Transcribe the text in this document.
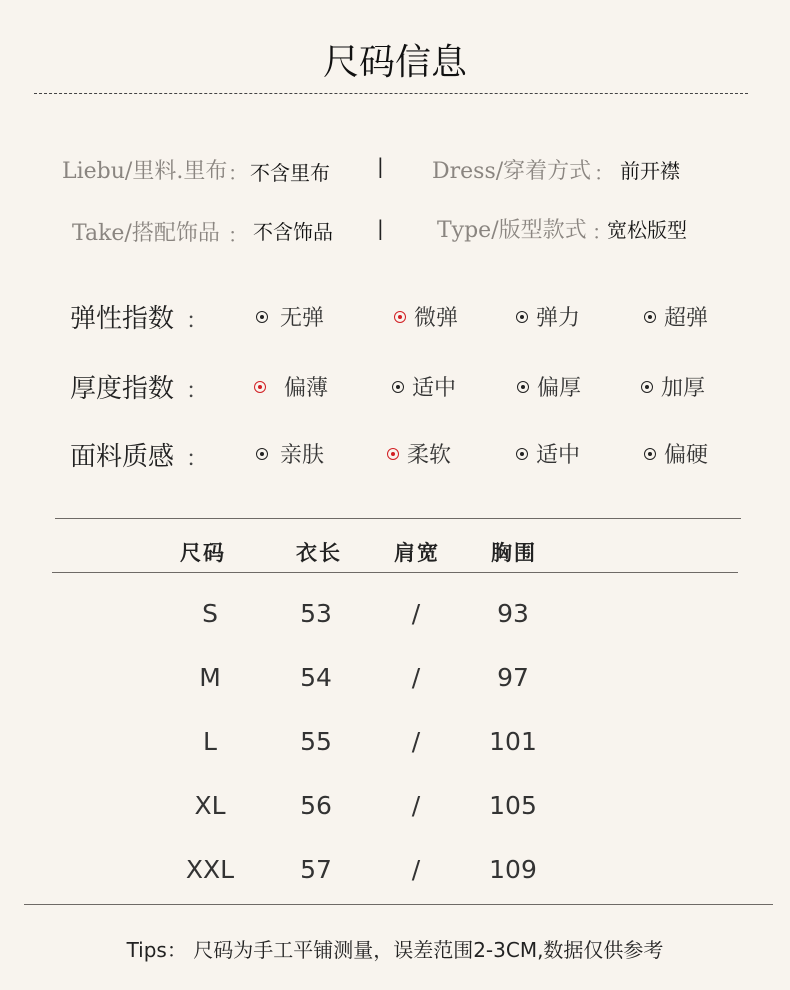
尺码信息
Liebu/里料.里布 ： 不含里布 | Dress/穿着方式 ： 前开襟
Take/搭配饰品 ： 不含饰品 | Type/版型款式 ：
宽松版型
弹性指数 ：	无弹	微弹	弹力	超弹
厚度指数 ：	偏薄	适中	偏厚	加厚
面料质感 ：	亲肤	柔软	适中	偏硬
尺码	衣长 肩宽 胸围
S	53	/	93
M	54	/	97
L	55	/	101
XL	56	/	105
XXL	57	/	109
Tips： 尺码为手工平铺测量，误差范围2-3CM,数据仅供参考
